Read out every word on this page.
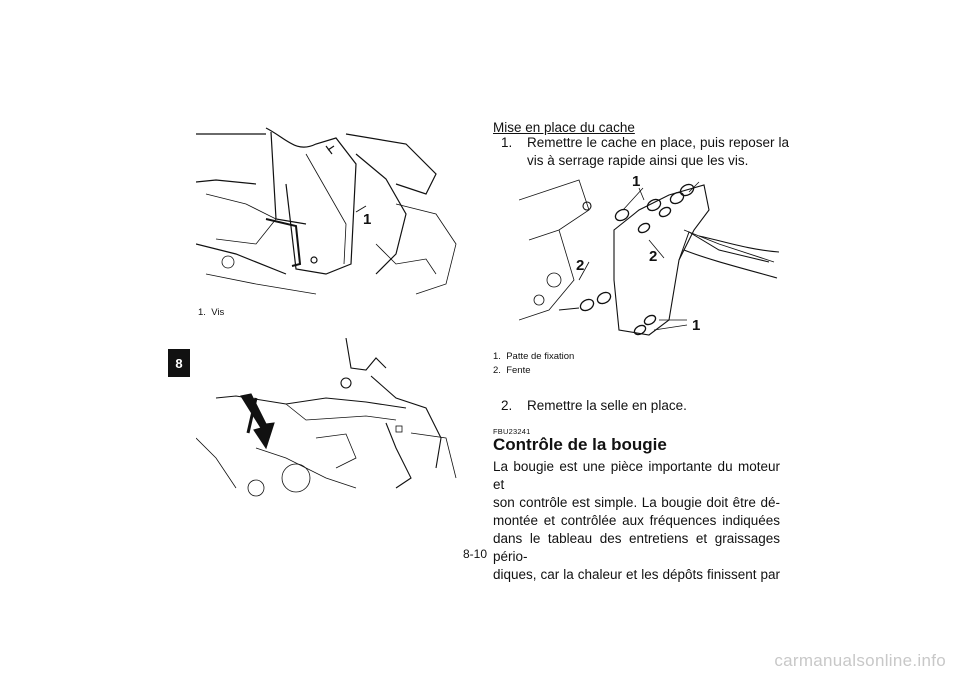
8
1
1.  Vis
1
2
2
1
1.  Patte de fixation
2.  Fente
Mise en place du cache
1. Remettre le cache en place, puis reposer la vis à serrage rapide ainsi que les vis.
2. Remettre la selle en place.
FBU23241
Contrôle de la bougie
La bougie est une pièce importante du moteur et
son contrôle est simple. La bougie doit être dé-
montée et contrôlée aux fréquences indiquées
dans le tableau des entretiens et graissages pério-
diques, car la chaleur et les dépôts finissent par
8-10
carmanualsonline.info
